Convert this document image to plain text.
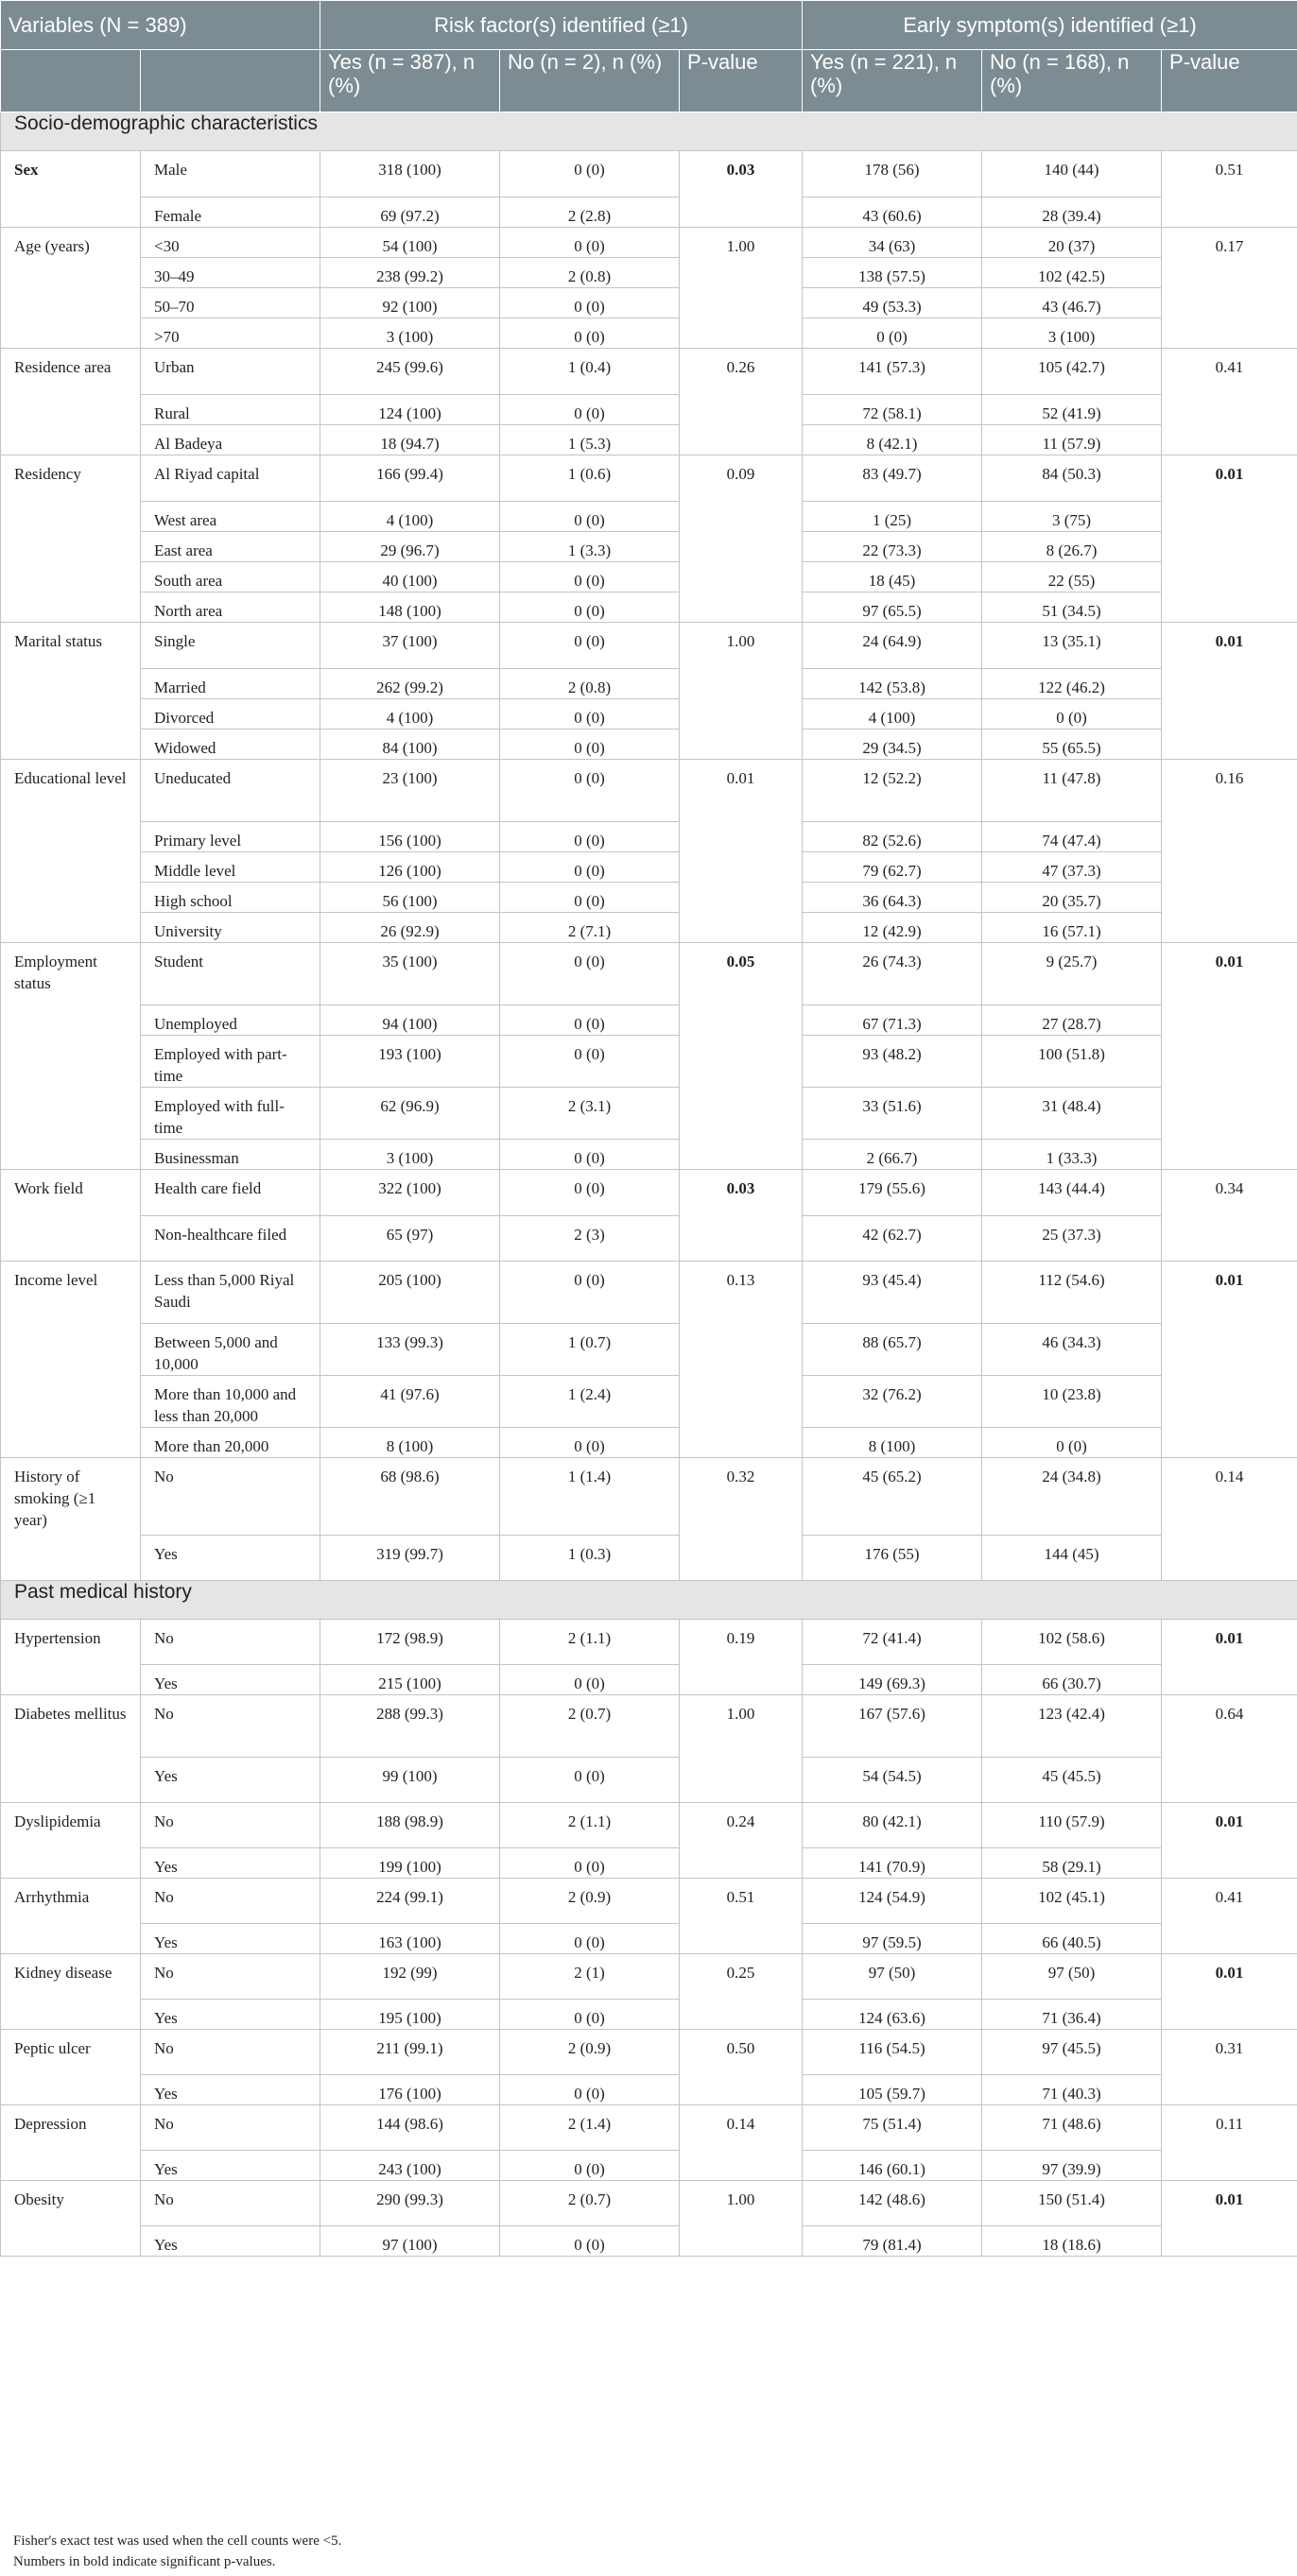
Variables (N = 389)		Risk factor(s) identified (≥1)			Early symptom(s) identified (≥1)		
		Yes (n = 387), n (%)	No (n = 2), n (%)	P-value	Yes (n = 221), n (%)	No (n = 168), n (%)	P-value
Socio-demographic characteristics							
Sex	Male	318 (100)	0 (0)	0.03	178 (56)	140 (44)	0.51
	Female	69 (97.2)	2 (2.8)		43 (60.6)	28 (39.4)	
Age (years)	<30	54 (100)	0 (0)	1.00	34 (63)	20 (37)	0.17
	30–49	238 (99.2)	2 (0.8)		138 (57.5)	102 (42.5)	
	50–70	92 (100)	0 (0)		49 (53.3)	43 (46.7)	
	>70	3 (100)	0 (0)		0 (0)	3 (100)	
Residence area	Urban	245 (99.6)	1 (0.4)	0.26	141 (57.3)	105 (42.7)	0.41
	Rural	124 (100)	0 (0)		72 (58.1)	52 (41.9)	
	Al Badeya	18 (94.7)	1 (5.3)		8 (42.1)	11 (57.9)	
Residency	Al Riyad capital	166 (99.4)	1 (0.6)	0.09	83 (49.7)	84 (50.3)	0.01
	West area	4 (100)	0 (0)		1 (25)	3 (75)	
	East area	29 (96.7)	1 (3.3)		22 (73.3)	8 (26.7)	
	South area	40 (100)	0 (0)		18 (45)	22 (55)	
	North area	148 (100)	0 (0)		97 (65.5)	51 (34.5)	
Marital status	Single	37 (100)	0 (0)	1.00	24 (64.9)	13 (35.1)	0.01
	Married	262 (99.2)	2 (0.8)		142 (53.8)	122 (46.2)	
	Divorced	4 (100)	0 (0)		4 (100)	0 (0)	
	Widowed	84 (100)	0 (0)		29 (34.5)	55 (65.5)	
Educational level	Uneducated	23 (100)	0 (0)	0.01	12 (52.2)	11 (47.8)	0.16
	Primary level	156 (100)	0 (0)		82 (52.6)	74 (47.4)	
	Middle level	126 (100)	0 (0)		79 (62.7)	47 (37.3)	
	High school	56 (100)	0 (0)		36 (64.3)	20 (35.7)	
	University	26 (92.9)	2 (7.1)		12 (42.9)	16 (57.1)	
Employment status	Student	35 (100)	0 (0)	0.05	26 (74.3)	9 (25.7)	0.01
	Unemployed	94 (100)	0 (0)		67 (71.3)	27 (28.7)	
	Employed with part-time	193 (100)	0 (0)		93 (48.2)	100 (51.8)	
	Employed with full-time	62 (96.9)	2 (3.1)		33 (51.6)	31 (48.4)	
	Businessman	3 (100)	0 (0)		2 (66.7)	1 (33.3)	
Work field	Health care field	322 (100)	0 (0)	0.03	179 (55.6)	143 (44.4)	0.34
	Non-healthcare filed	65 (97)	2 (3)		42 (62.7)	25 (37.3)	
Income level	Less than 5,000 Riyal Saudi	205 (100)	0 (0)	0.13	93 (45.4)	112 (54.6)	0.01
	Between 5,000 and 10,000	133 (99.3)	1 (0.7)		88 (65.7)	46 (34.3)	
	More than 10,000 and less than 20,000	41 (97.6)	1 (2.4)		32 (76.2)	10 (23.8)	
	More than 20,000	8 (100)	0 (0)		8 (100)	0 (0)	
History of smoking (≥1 year)	No	68 (98.6)	1 (1.4)	0.32	45 (65.2)	24 (34.8)	0.14
	Yes	319 (99.7)	1 (0.3)		176 (55)	144 (45)	
Past medical history							
Hypertension	No	172 (98.9)	2 (1.1)	0.19	72 (41.4)	102 (58.6)	0.01
	Yes	215 (100)	0 (0)		149 (69.3)	66 (30.7)	
Diabetes mellitus	No	288 (99.3)	2 (0.7)	1.00	167 (57.6)	123 (42.4)	0.64
	Yes	99 (100)	0 (0)		54 (54.5)	45 (45.5)	
Dyslipidemia	No	188 (98.9)	2 (1.1)	0.24	80 (42.1)	110 (57.9)	0.01
	Yes	199 (100)	0 (0)		141 (70.9)	58 (29.1)	
Arrhythmia	No	224 (99.1)	2 (0.9)	0.51	124 (54.9)	102 (45.1)	0.41
	Yes	163 (100)	0 (0)		97 (59.5)	66 (40.5)	
Kidney disease	No	192 (99)	2 (1)	0.25	97 (50)	97 (50)	0.01
	Yes	195 (100)	0 (0)		124 (63.6)	71 (36.4)	
Peptic ulcer	No	211 (99.1)	2 (0.9)	0.50	116 (54.5)	97 (45.5)	0.31
	Yes	176 (100)	0 (0)		105 (59.7)	71 (40.3)	
Depression	No	144 (98.6)	2 (1.4)	0.14	75 (51.4)	71 (48.6)	0.11
	Yes	243 (100)	0 (0)		146 (60.1)	97 (39.9)	
Obesity	No	290 (99.3)	2 (0.7)	1.00	142 (48.6)	150 (51.4)	0.01
	Yes	97 (100)	0 (0)		79 (81.4)	18 (18.6)	
Fisher's exact test was used when the cell counts were <5.
Numbers in bold indicate significant p-values.
